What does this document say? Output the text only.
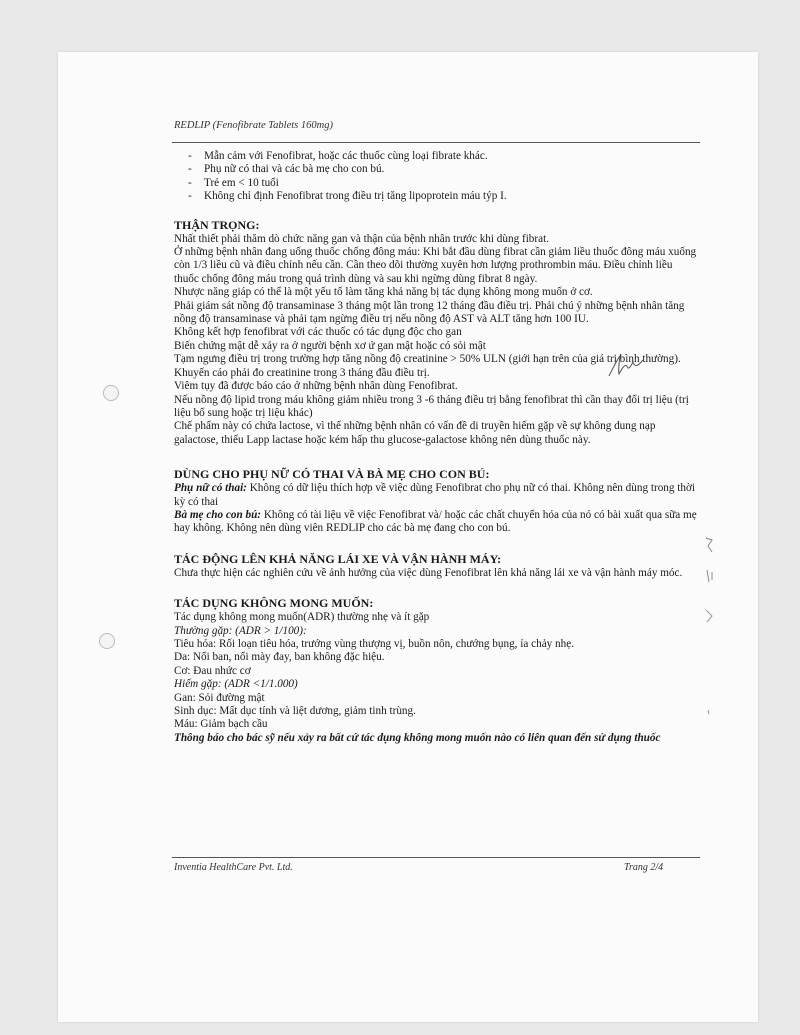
REDLIP (Fenofibrate Tablets 160mg)
- Mẫn cảm với Fenofibrat, hoặc các thuốc cùng loại fibrate khác.
- Phụ nữ có thai và các bà mẹ cho con bú.
- Trẻ em < 10 tuổi
- Không chỉ định Fenofibrat trong điều trị tăng lipoprotein máu týp I.
THẬN TRỌNG:

Nhất thiết phải thăm dò chức năng gan và thận của bệnh nhân trước khi dùng fibrat.

Ở những bệnh nhân đang uống thuốc chống đông máu: Khi bắt đầu dùng fibrat cần giảm liều thuốc đông máu xuống còn 1/3 liều cũ và điều chỉnh nếu cần. Cần theo dõi thường xuyên hơn lượng prothrombin máu. Điều chỉnh liều thuốc chống đông máu trong quá trình dùng và sau khi ngừng dùng fibrat 8 ngày.

Nhược năng giáp có thể là một yếu tố làm tăng khả năng bị tác dụng không mong muốn ở cơ.

Phải giám sát nồng độ transaminase 3 tháng một lần trong 12 tháng đầu điều trị. Phải chú ý những bệnh nhân tăng nồng độ transaminase và phải tạm ngừng điều trị nếu nồng độ AST và ALT tăng hơn 100 IU.

Không kết hợp fenofibrat với các thuốc có tác dụng độc cho gan

Biến chứng mật dễ xảy ra ở người bệnh xơ ứ gan mật hoặc có sỏi mật

Tạm ngưng điều trị trong trường hợp tăng nồng độ creatinine > 50% ULN (giới hạn trên của giá trị bình thường). Khuyến cáo phải đo creatinine trong 3 tháng đầu điều trị.

Viêm tụy đã được báo cáo ở những bệnh nhân dùng Fenofibrat.

Nếu nồng độ lipid trong máu không giảm nhiều trong 3 -6 tháng điều trị bằng fenofibrat thì cần thay đổi trị liệu (trị liệu bổ sung hoặc trị liệu khác)

Chế phẩm này có chứa lactose, vì thế những bệnh nhân có vấn đề di truyền hiếm gặp về sự không dung nạp galactose, thiếu Lapp lactase hoặc kém hấp thu glucose-galactose không nên dùng thuốc này.

DÙNG CHO PHỤ NỮ CÓ THAI VÀ BÀ MẸ CHO CON BÚ:

Phụ nữ có thai: Không có dữ liệu thích hợp về việc dùng Fenofibrat cho phụ nữ có thai. Không nên dùng trong thời kỳ có thai

Bà mẹ cho con bú: Không có tài liệu về việc Fenofibrat và/ hoặc các chất chuyển hóa của nó có bài xuất qua sữa mẹ hay không. Không nên dùng viên REDLIP cho các bà mẹ đang cho con bú.

TÁC ĐỘNG LÊN KHẢ NĂNG LÁI XE VÀ VẬN HÀNH MÁY:

Chưa thực hiện các nghiên cứu về ảnh hưởng của việc dùng Fenofibrat lên khả năng lái xe và vận hành máy móc.

TÁC DỤNG KHÔNG MONG MUỐN:

Tác dụng không mong muốn(ADR) thường nhẹ và ít gặp

Thường gặp: (ADR > 1/100):

Tiêu hóa: Rối loạn tiêu hóa, trướng vùng thượng vị, buồn nôn, chướng bụng, ỉa chảy nhẹ.

Da: Nổi ban, nổi mày đay, ban không đặc hiệu.

Cơ: Đau nhức cơ

Hiếm gặp: (ADR <1/1.000)

Gan: Sỏi đường mật

Sinh dục: Mất dục tính và liệt dương, giảm tinh trùng.

Máu: Giảm bạch cầu

Thông báo cho bác sỹ nếu xảy ra bất cứ tác dụng không mong muốn nào có liên quan đến sử dụng thuốc

Inventia HealthCare Pvt. Ltd.	Trang 2/4
